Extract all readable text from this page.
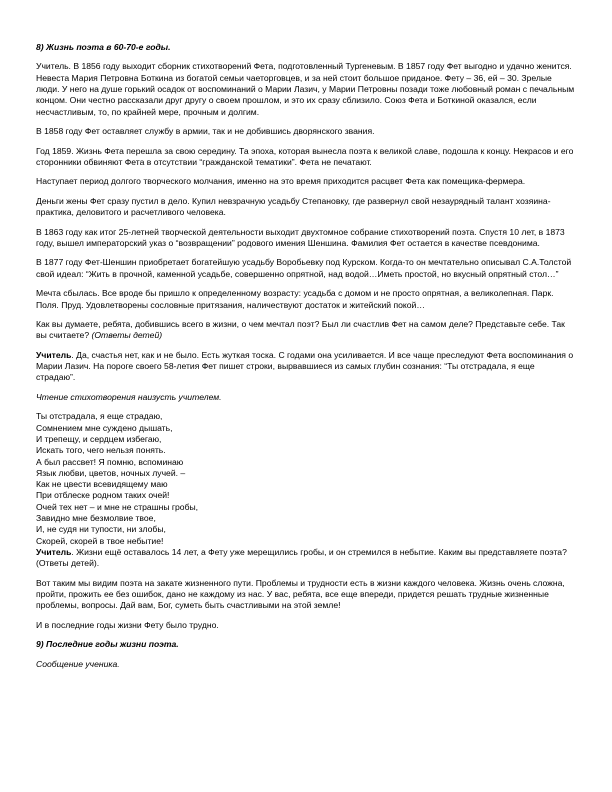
8) Жизнь поэта в 60-70-е годы.

Учитель. В 1856 году выходит сборник стихотворений Фета, подготовленный Тургеневым. В 1857 году Фет выгодно и удачно женится. Невеста Мария Петровна Боткина из богатой семьи чаеторговцев, и за ней стоит большое приданое. Фету – 36, ей – 30. Зрелые люди. У него на душе горький осадок от воспоминаний о Марии Лазич, у Марии Петровны позади тоже любовный роман с печальным концом. Они честно рассказали друг другу о своем прошлом, и это их сразу сблизило. Союз Фета и Боткиной оказался, если несчастливым, то, по крайней мере, прочным и долгим.

В 1858 году Фет оставляет службу в армии, так и не добившись дворянского звания.

Год 1859. Жизнь Фета перешла за свою середину. Та эпоха, которая вынесла поэта к великой славе, подошла к концу. Некрасов и его сторонники обвиняют Фета в отсутствии “гражданской тематики”. Фета не печатают.

Наступает период долгого творческого молчания, именно на это время приходится расцвет Фета как помещика-фермера.

Деньги жены Фет сразу пустил в дело. Купил невзрачную усадьбу Степановку, где развернул свой незаурядный талант хозяина-практика, деловитого и расчетливого человека.

В 1863 году как итог 25-летней творческой деятельности выходит двухтомное собрание стихотворений поэта. Спустя 10 лет, в 1873 году, вышел императорский указ о “возвращении” родового имения Шеншина. Фамилия Фет остается в качестве псевдонима.

В 1877 году Фет-Шеншин приобретает богатейшую усадьбу Воробьевку под Курском. Когда-то он мечтательно описывал С.А.Толстой свой идеал: “Жить в прочной, каменной усадьбе, совершенно опрятной, над водой…Иметь простой, но вкусный опрятный стол…”

Мечта сбылась. Все вроде бы пришло к определенному возрасту: усадьба с домом и не просто опрятная, а великолепная. Парк. Поля. Пруд. Удовлетворены сословные притязания, наличествуют достаток и житейский покой…

Как вы думаете, ребята, добившись всего в жизни, о чем мечтал поэт? Был ли счастлив Фет на самом деле? Представьте себе. Так вы считаете? (Ответы детей)

Учитель. Да, счастья нет, как и не было. Есть жуткая тоска. С годами она усиливается. И все чаще преследуют Фета воспоминания о Марии Лазич. На пороге своего 58-летия Фет пишет строки, вырвавшиеся из самых глубин сознания: “Ты отстрадала, я еще страдаю”.

Чтение стихотворения наизусть учителем.

Ты отстрадала, я еще страдаю,
Сомнением мне суждено дышать,
И трепещу, и сердцем избегаю,
Искать того, чего нельзя понять.
А был рассвет! Я помню, вспоминаю
Язык любви, цветов, ночных лучей. –
Как не цвести всевидящему маю
При отблеске родном таких очей!
Очей тех нет – и мне не страшны гробы,
Завидно мне безмолвие твое,
И, не судя ни тупости, ни злобы,
Скорей, скорей в твое небытие!

Учитель. Жизни ещё оставалось 14 лет, а Фету уже мерещились гробы, и он стремился в небытие. Каким вы представляете поэта? (Ответы детей).

Вот таким мы видим поэта на закате жизненного пути. Проблемы и трудности есть в жизни каждого человека. Жизнь очень сложна, пройти, прожить ее без ошибок, дано не каждому из нас. У вас, ребята, все еще впереди, придется решать трудные жизненные проблемы, вопросы. Дай вам, Бог, суметь быть счастливыми на этой земле!

И в последние годы жизни Фету было трудно.

9) Последние годы жизни поэта.

Сообщение ученика.
